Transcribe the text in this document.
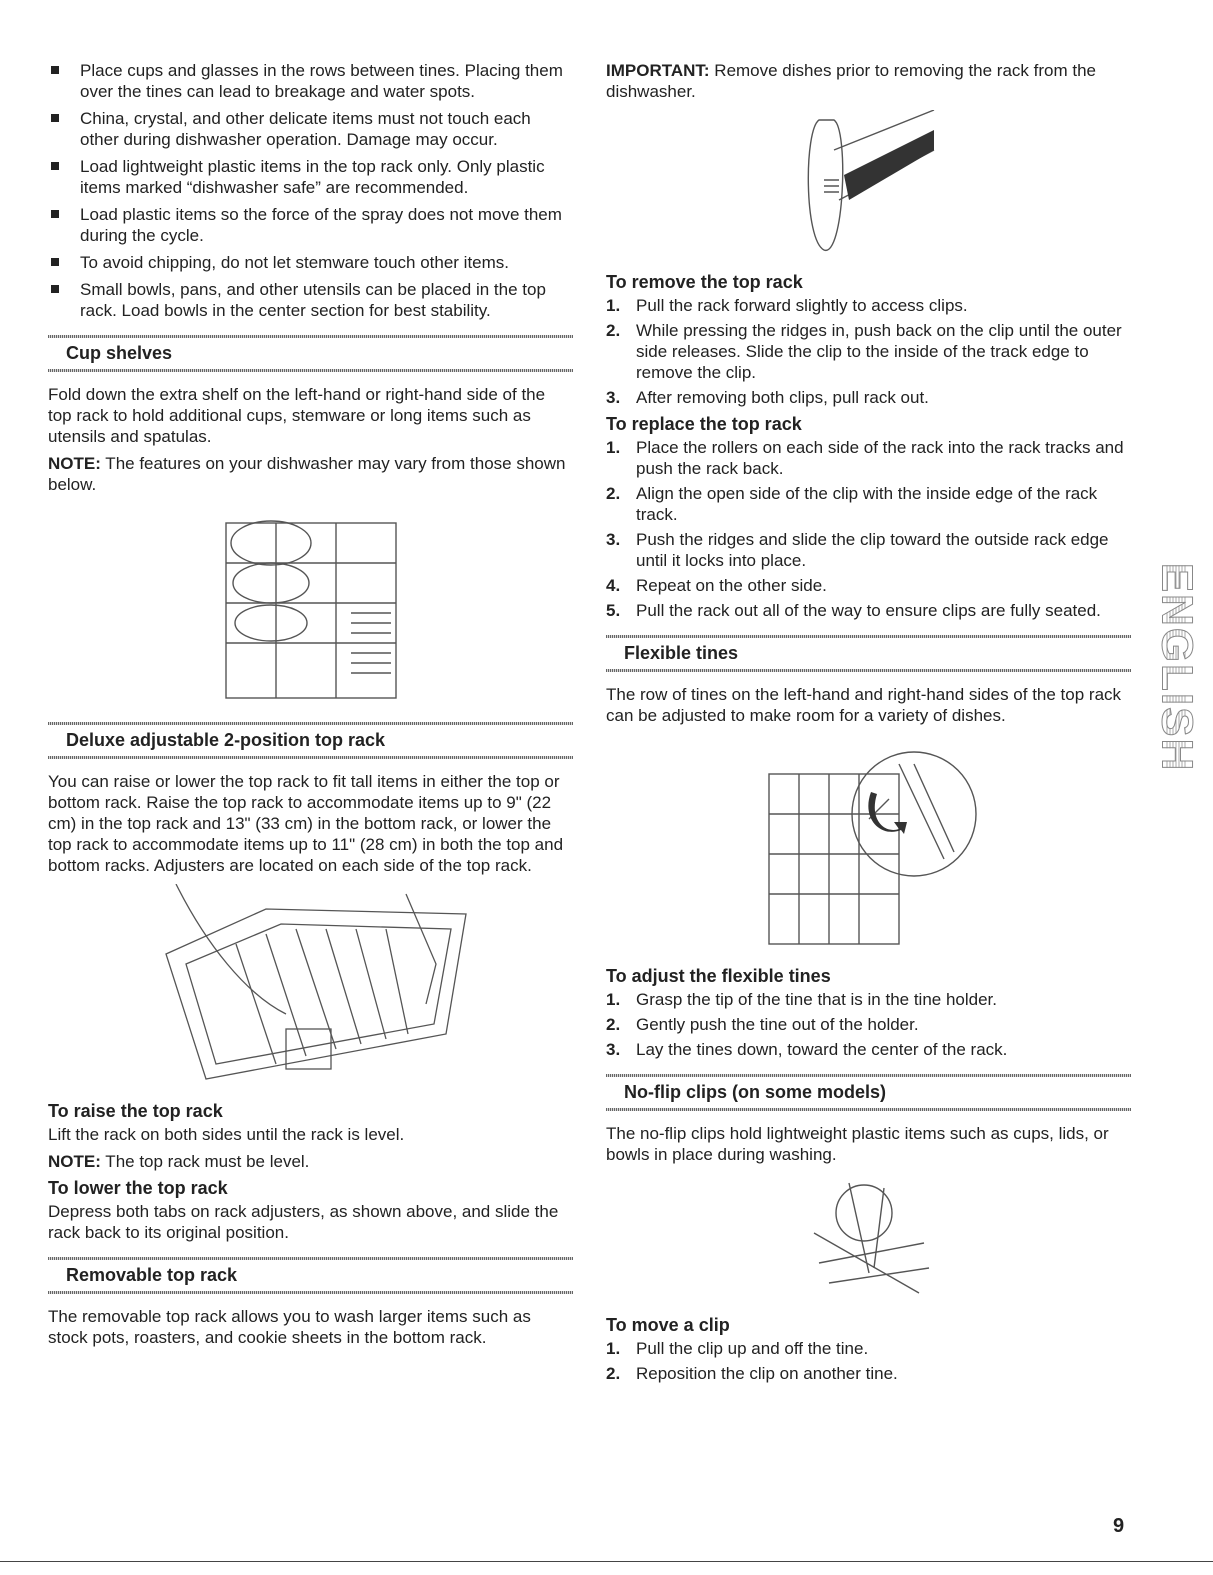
Place cups and glasses in the rows between tines. Placing them over the tines can lead to breakage and water spots.
China, crystal, and other delicate items must not touch each other during dishwasher operation. Damage may occur.
Load lightweight plastic items in the top rack only. Only plastic items marked “dishwasher safe” are recommended.
Load plastic items so the force of the spray does not move them during the cycle.
To avoid chipping, do not let stemware touch other items.
Small bowls, pans, and other utensils can be placed in the top rack. Load bowls in the center section for best stability.
Cup shelves

Fold down the extra shelf on the left-hand or right-hand side of the top rack to hold additional cups, stemware or long items such as utensils and spatulas.

NOTE: The features on your dishwasher may vary from those shown below.

Deluxe adjustable 2-position top rack

You can raise or lower the top rack to fit tall items in either the top or bottom rack. Raise the top rack to accommodate items up to 9" (22 cm) in the top rack and 13" (33 cm) in the bottom rack, or lower the top rack to accommodate items up to 11" (28 cm) in both the top and bottom racks. Adjusters are located on each side of the top rack.

To raise the top rack

Lift the rack on both sides until the rack is level.

NOTE: The top rack must be level.

To lower the top rack

Depress both tabs on rack adjusters, as shown above, and slide the rack back to its original position.

Removable top rack

The removable top rack allows you to wash larger items such as stock pots, roasters, and cookie sheets in the bottom rack.

IMPORTANT: Remove dishes prior to removing the rack from the dishwasher.

To remove the top rack
1. Pull the rack forward slightly to access clips.
2. While pressing the ridges in, push back on the clip until the outer side releases. Slide the clip to the inside of the track edge to remove the clip.
3. After removing both clips, pull rack out.
To replace the top rack
1. Place the rollers on each side of the rack into the rack tracks and push the rack back.
2. Align the open side of the clip with the inside edge of the rack track.
3. Push the ridges and slide the clip toward the outside rack edge until it locks into place.
4. Repeat on the other side.
5. Pull the rack out all of the way to ensure clips are fully seated.
Flexible tines

The row of tines on the left-hand and right-hand sides of the top rack can be adjusted to make room for a variety of dishes.

To adjust the flexible tines
1. Grasp the tip of the tine that is in the tine holder.
2. Gently push the tine out of the holder.
3. Lay the tines down, toward the center of the rack.
No-flip clips (on some models)

The no-flip clips hold lightweight plastic items such as cups, lids, or bowls in place during washing.

To move a clip
1. Pull the clip up and off the tine.
2. Reposition the clip on another tine.
ENGLISH
9
